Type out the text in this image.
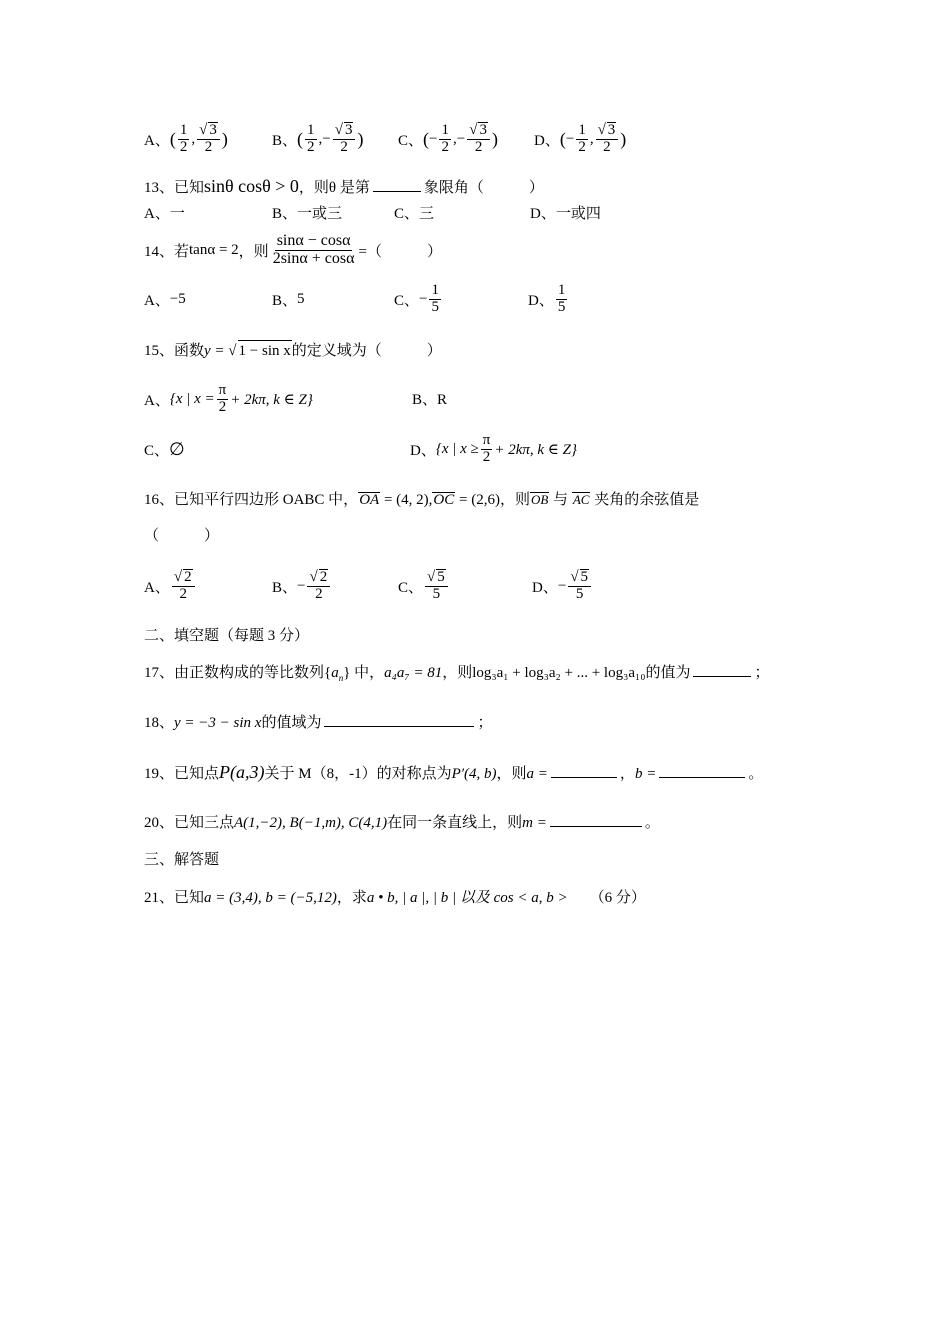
A、 ( $\frac{1}{2}$ , $\frac{√ 3}{2}$ )	B、 ( $\frac{1}{2}$ , − $\frac{√ 3}{2}$ ) C、 ( − $\frac{1}{2}$ , − $\frac{√ 3}{2}$ ) D、 ( − $\frac{1}{2}$ , $\frac{√ 3}{2}$ )
13、已知sinθ cosθ > 0，则θ 是第	象限角（　　　）
A、一	B、一或三	C、三	D、一或四
14、若 tanα = 2 ，则 $\frac{\sin\alpha - \cos\alpha}{2\sin\alpha + \cos\alpha}$ =（　　　）
A、 −5	B、 5	C、 − $\frac{1}{5}$	D、 $\frac{1}{5}$
15、函数y = √ 1 − sin x的定义域为（　　　）
A、 {x | $x = \frac{\pi}{2} + 2k\pi$, k ∈ Z}	B、R
C、 ∅	D、 {x | $x \ge \frac{\pi}{2} + 2k\pi$, k ∈ Z}
16、已知平行四边形 OABC 中，OA = (4, 2),OC = (2,6)，则OB 与 AC 夹角的余弦值是
（　　　）
A、 $\frac{√ 2}{2}$	B、 − $\frac{√ 2}{2}$	C、 $\frac{√ 5}{5}$	D、 − $\frac{√ 5}{5}$
二、填空题（每题 3 分）
17、由正数构成的等比数列$\{a_n\}$ 中，a₄a₇ = 81，则log₃a₁ + log₃a₂ + ... + log₃a₁₀的值为	；
18、y = −3 − sin x的值域为	；
19、已知点P(a,3)关于 M（8，-1）的对称点为P′(4, b)，则a =	，b =	。
20、已知三点A(1,−2), B(−1,m), C(4,1)在同一条直线上，则m =	。
三、解答题
21、已知a = (3,4), b = (−5,12)，求a • b, | a |, | b | 以及 cos < a, b > （6 分）
